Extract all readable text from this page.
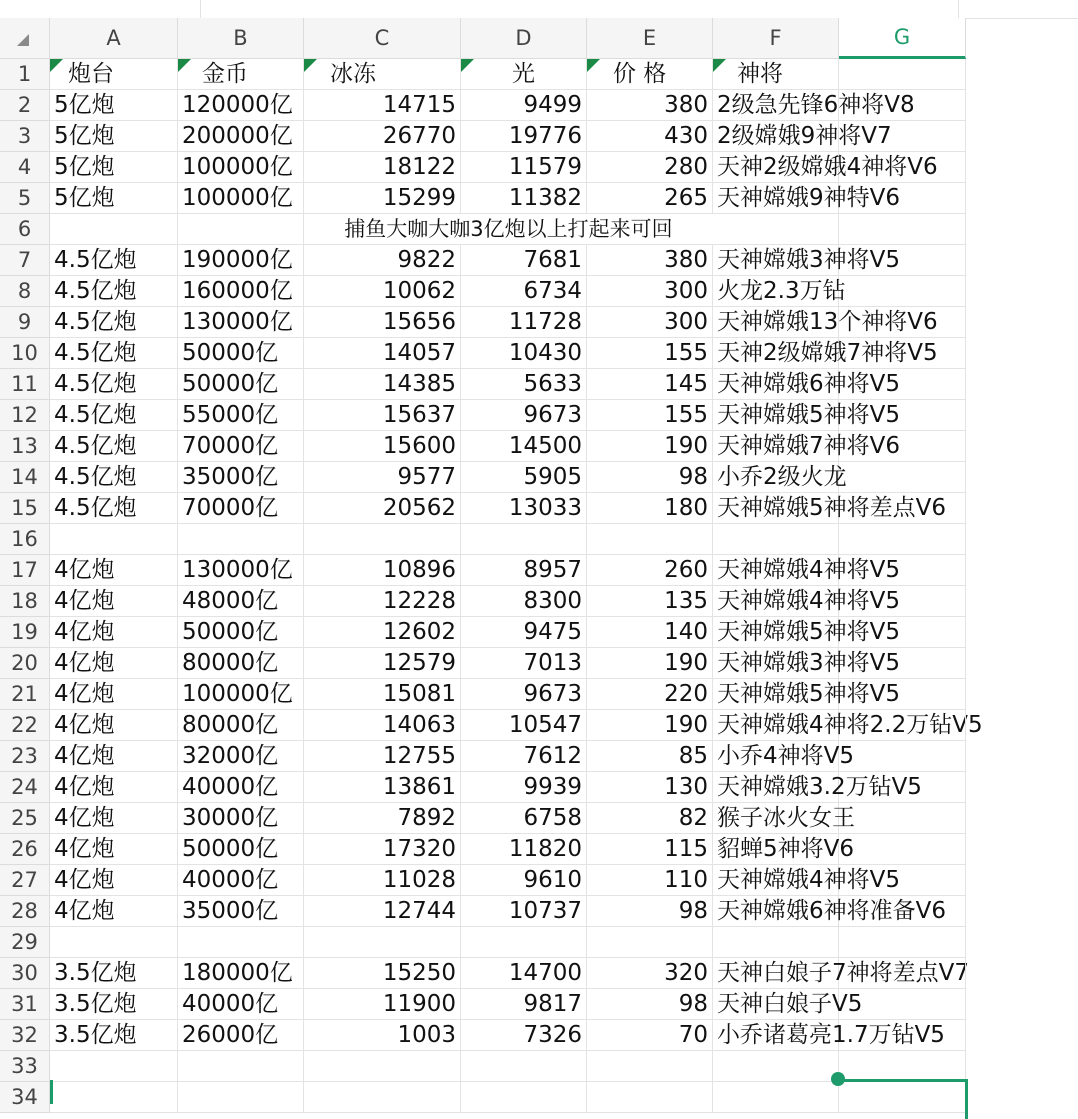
A	B	C	D	E	F	G
1	炮台	金币	冰冻	光	价 格	神将
2 5亿炮	120000亿	14715	9499	380 2级急先锋6神将V8
3 5亿炮	200000亿	26770	19776	430 2级嫦娥9神将V7
4 5亿炮	100000亿	18122	11579	280 天神2级嫦娥4神将V6
5 5亿炮	100000亿	15299	11382	265 天神嫦娥9神特V6
6	捕鱼大咖大咖3亿炮以上打起来可回
7 4.5亿炮	190000亿	9822	7681	380 天神嫦娥3神将V5
8 4.5亿炮	160000亿	10062	6734	300 火龙2.3万钻
9 4.5亿炮	130000亿	15656	11728	300 天神嫦娥13个神将V6
10 4.5亿炮	50000亿	14057	10430	155 天神2级嫦娥7神将V5
11 4.5亿炮	50000亿	14385	5633	145 天神嫦娥6神将V5
12 4.5亿炮	55000亿	15637	9673	155 天神嫦娥5神将V5
13 4.5亿炮	70000亿	15600	14500	190 天神嫦娥7神将V6
14 4.5亿炮	35000亿	9577	5905	98 小乔2级火龙
15 4.5亿炮	70000亿	20562	13033	180 天神嫦娥5神将差点V6
16
17 4亿炮	130000亿	10896	8957	260 天神嫦娥4神将V5
18 4亿炮	48000亿	12228	8300	135 天神嫦娥4神将V5
19 4亿炮	50000亿	12602	9475	140 天神嫦娥5神将V5
20 4亿炮	80000亿	12579	7013	190 天神嫦娥3神将V5
21 4亿炮	100000亿	15081	9673	220 天神嫦娥5神将V5
22 4亿炮	80000亿	14063	10547	190 天神嫦娥4神将2.2万钻V5
23 4亿炮	32000亿	12755	7612	85 小乔4神将V5
24 4亿炮	40000亿	13861	9939	130 天神嫦娥3.2万钻V5
25 4亿炮	30000亿	7892	6758	82 猴子冰火女王
26 4亿炮	50000亿	17320	11820	115 貂蝉5神将V6
27 4亿炮	40000亿	11028	9610	110 天神嫦娥4神将V5
28 4亿炮	35000亿	12744	10737	98 天神嫦娥6神将准备V6
29
30 3.5亿炮	180000亿	15250	14700	320 天神白娘子7神将差点V7
31 3.5亿炮	40000亿	11900	9817	98 天神白娘子V5
32 3.5亿炮	26000亿	1003	7326	70 小乔诸葛亮1.7万钻V5
33
34
